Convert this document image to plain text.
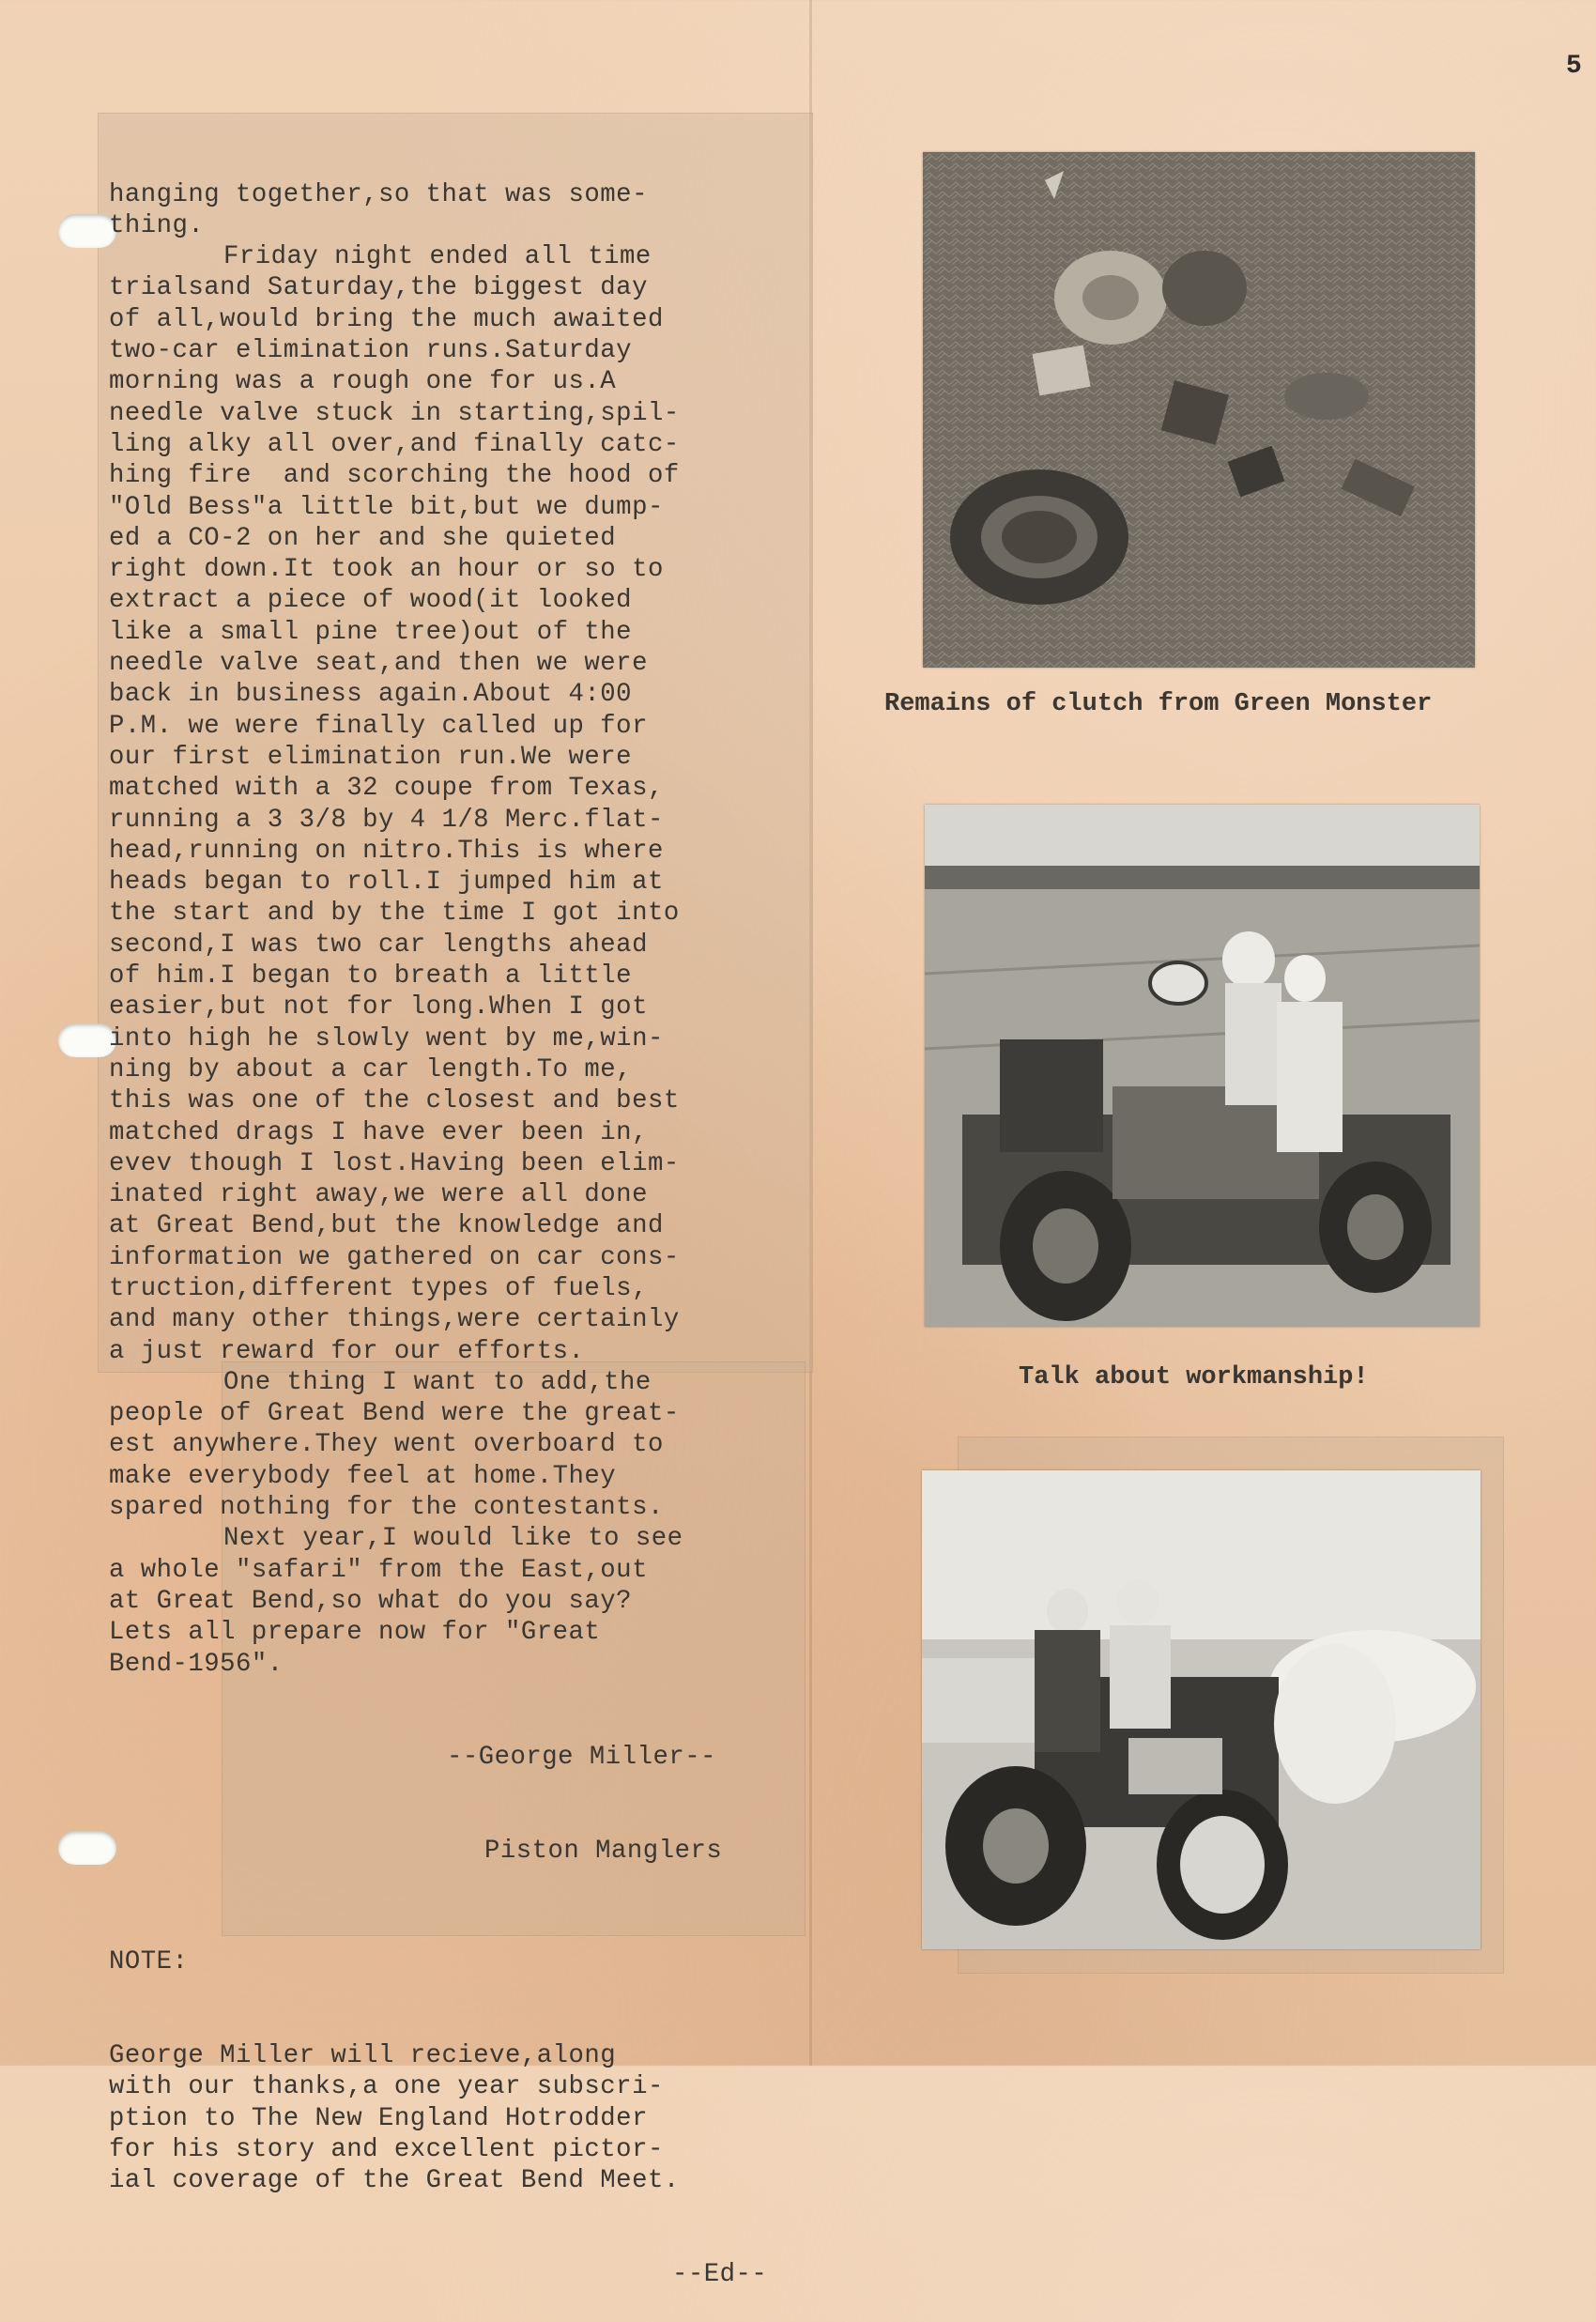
5

hanging together,so that was some-

thing.

Friday night ended all time

trialsand Saturday,the biggest day

of all,would bring the much awaited

two-car elimination runs.Saturday

morning was a rough one for us.A

needle valve stuck in starting,spil-

ling alky all over,and finally catc-

hing fire  and scorching the hood of

"Old Bess"a little bit,but we dump-

ed a CO-2 on her and she quieted

right down.It took an hour or so to

extract a piece of wood(it looked

like a small pine tree)out of the

needle valve seat,and then we were

back in business again.About 4:00

P.M. we were finally called up for

our first elimination run.We were

matched with a 32 coupe from Texas,

running a 3 3/8 by 4 1/8 Merc.flat-

head,running on nitro.This is where

heads began to roll.I jumped him at

the start and by the time I got into

second,I was two car lengths ahead

of him.I began to breath a little

easier,but not for long.When I got

into high he slowly went by me,win-

ning by about a car length.To me,

this was one of the closest and best

matched drags I have ever been in,

evev though I lost.Having been elim-

inated right away,we were all done

at Great Bend,but the knowledge and

information we gathered on car cons-

truction,different types of fuels,

and many other things,were certainly

a just reward for our efforts.

One thing I want to add,the

people of Great Bend were the great-

est anywhere.They went overboard to

make everybody feel at home.They

spared nothing for the contestants.

Next year,I would like to see

a whole "safari" from the East,out

at Great Bend,so what do you say?

Lets all prepare now for "Great

Bend-1956".

--George Miller--

Piston Manglers

NOTE:

George Miller will recieve,along

with our thanks,a one year subscri-

ption to The New England Hotrodder

for his story and excellent pictor-

ial coverage of the Great Bend Meet.

--Ed--

Remains of clutch from Green Monster
Talk about workmanship!
